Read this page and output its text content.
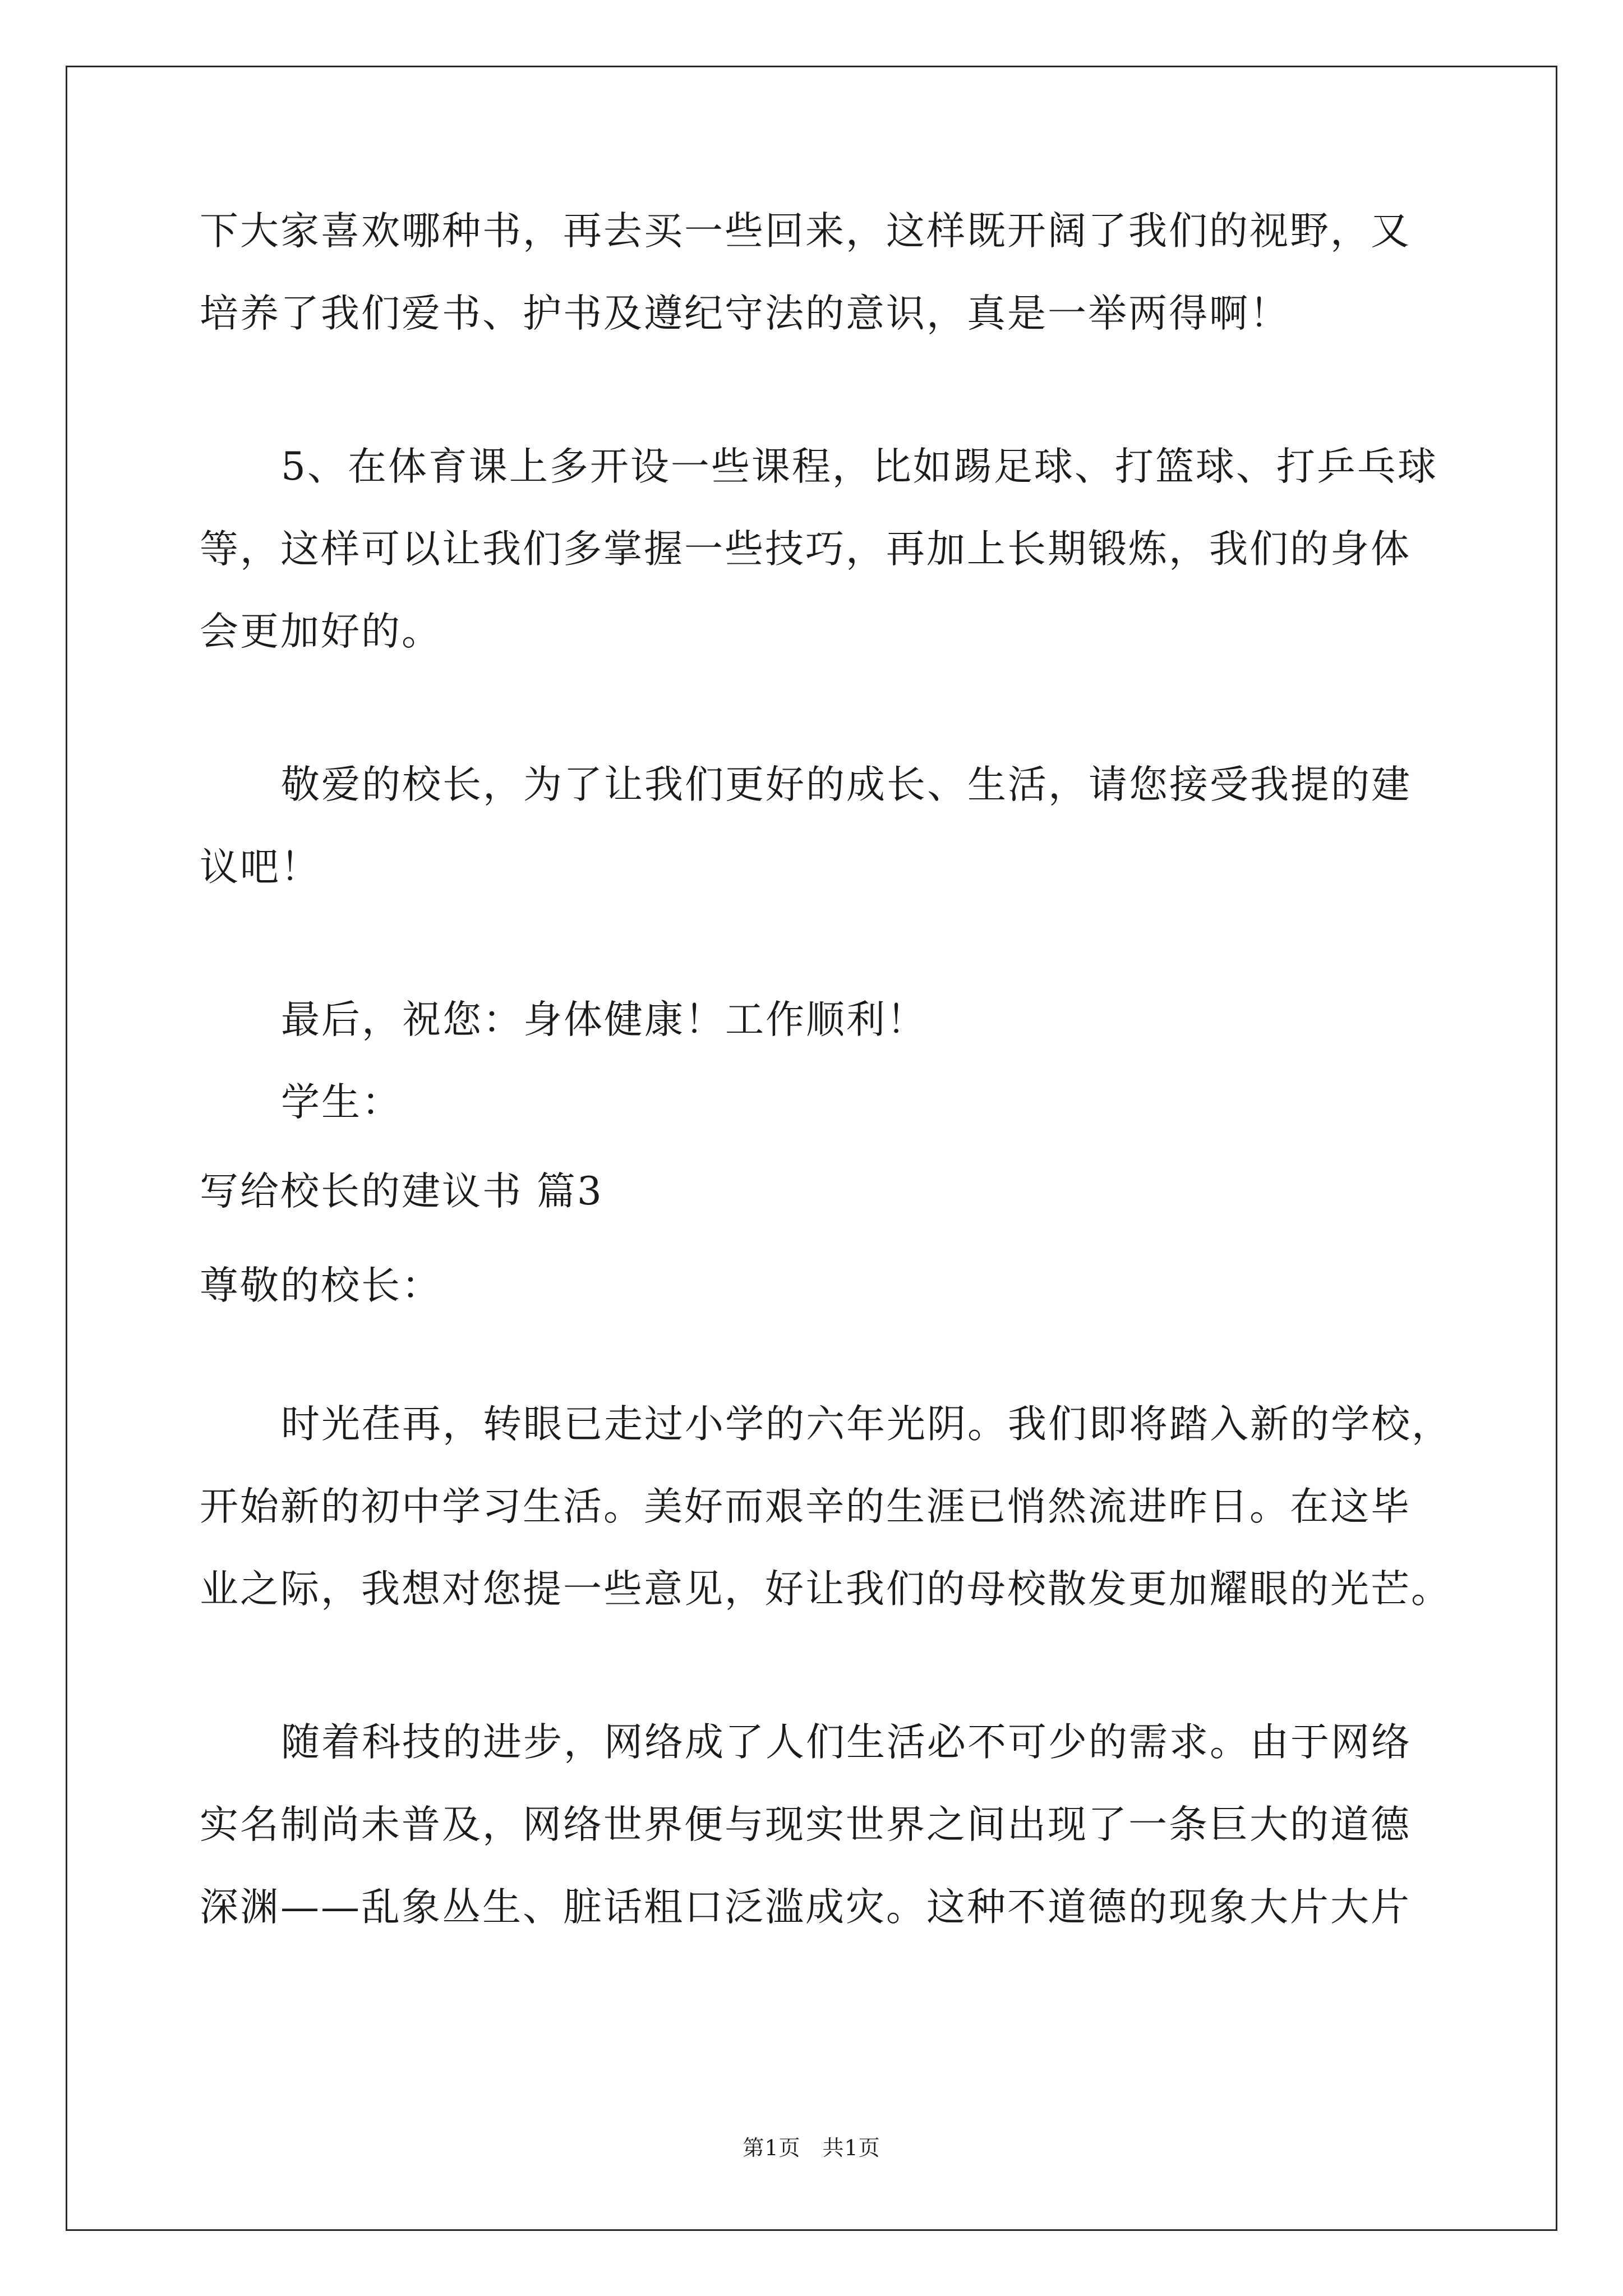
下大家喜欢哪种书，再去买一些回来，这样既开阔了我们的视野，又
培养了我们爱书、护书及遵纪守法的意识，真是一举两得啊！
5、在体育课上多开设一些课程，比如踢足球、打篮球、打乒乓球
等，这样可以让我们多掌握一些技巧，再加上长期锻炼，我们的身体
会更加好的。
敬爱的校长，为了让我们更好的成长、生活，请您接受我提的建
议吧！
最后，祝您：身体健康！工作顺利！
学生：
写给校长的建议书 篇3
尊敬的校长：
时光荏再，转眼已走过小学的六年光阴。我们即将踏入新的学校，
开始新的初中学习生活。美好而艰辛的生涯已悄然流进昨日。在这毕
业之际，我想对您提一些意见，好让我们的母校散发更加耀眼的光芒。
随着科技的进步，网络成了人们生活必不可少的需求。由于网络
实名制尚未普及，网络世界便与现实世界之间出现了一条巨大的道德
深渊——乱象丛生、脏话粗口泛滥成灾。这种不道德的现象大片大片
第1页　共1页
